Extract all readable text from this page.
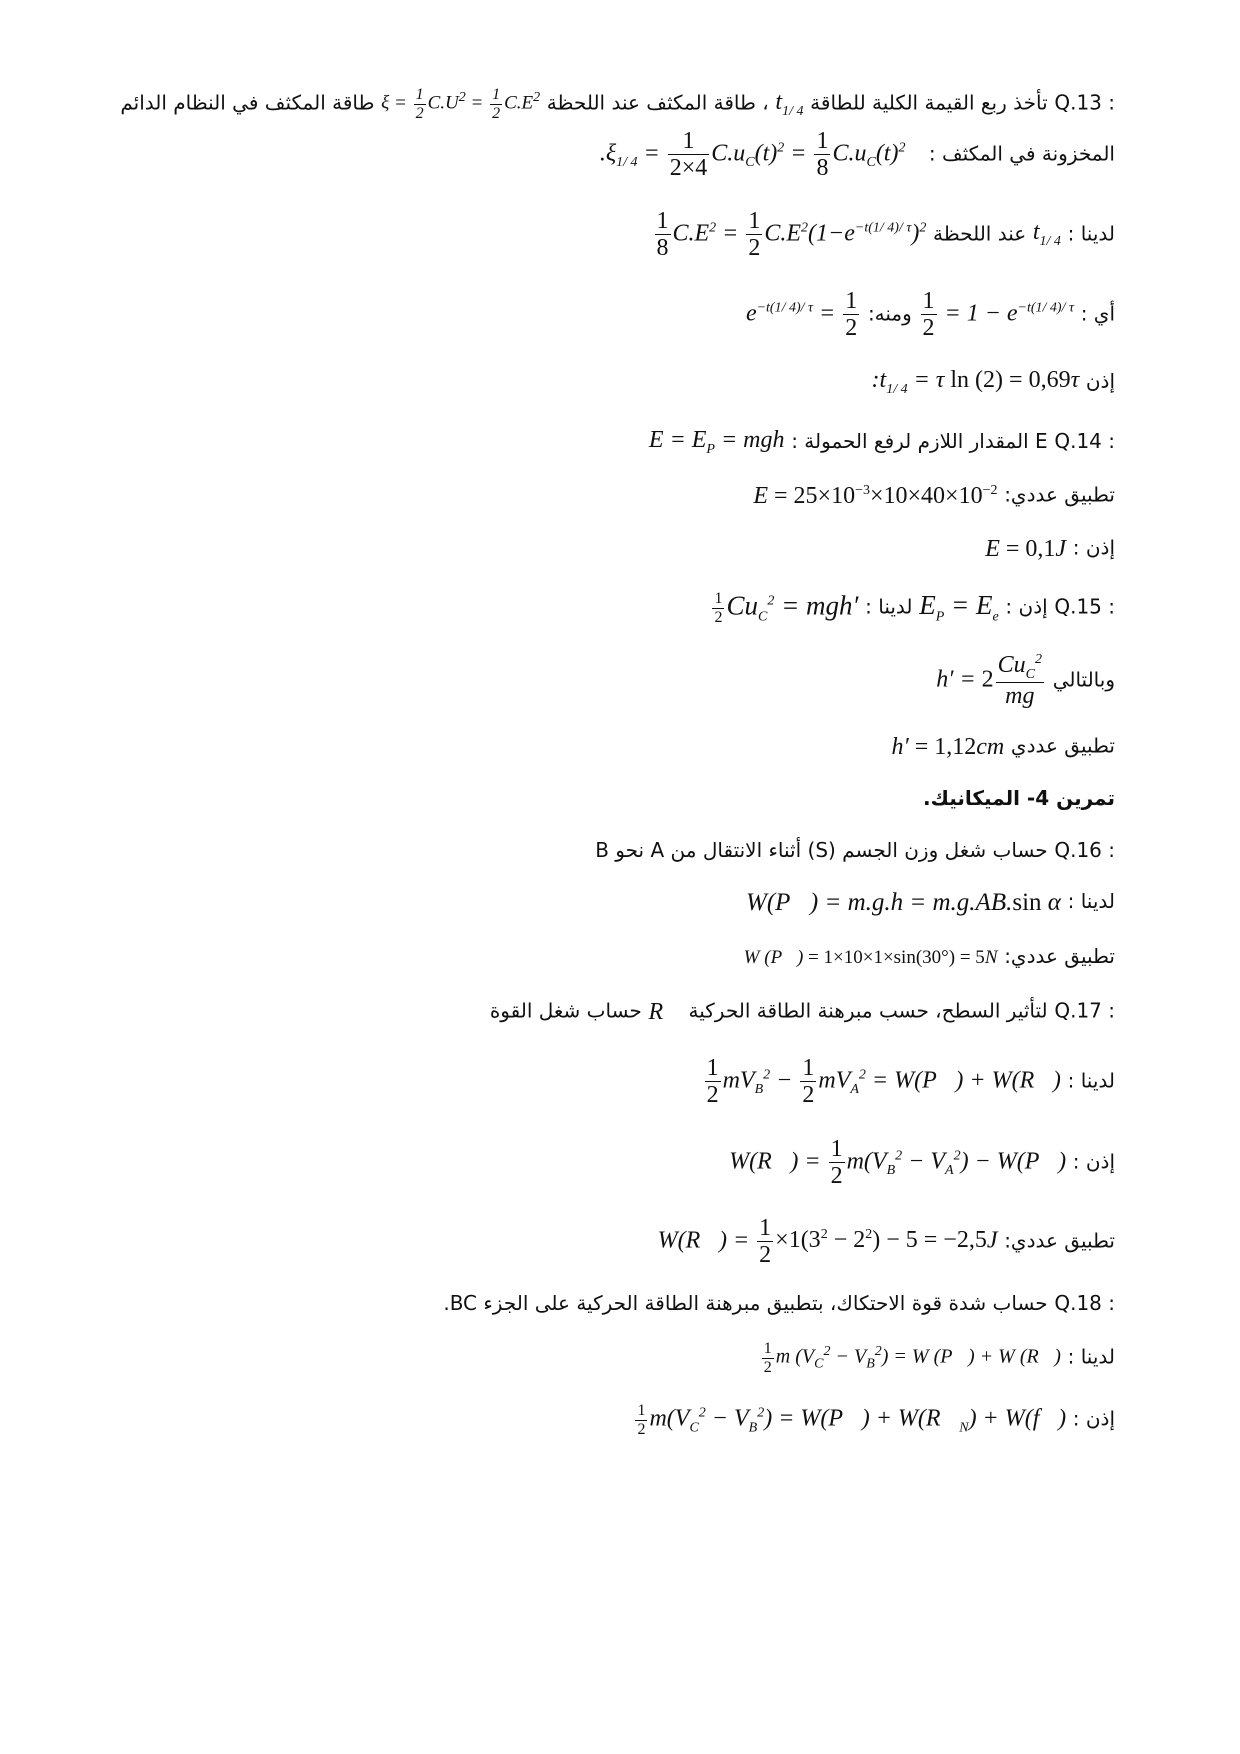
تأخذ ربع القيمة الكلية للطاقة $t_{1/ 4}$ ، طاقة المكثف عند اللحظة $\xi = \frac{1}{2} C.U^2 = \frac{1}{2} C.E^2$ طاقة المكثف في النظام الدائم	Q.13 :
$.\xi_{1/ 4} = \frac{1}{2\times 4} C.u_C(t)^2 = \frac{1}{8} C.u_C(t)^2$ المخزونة في المكثف :
$\frac{1}{8} C.E^2 = \frac{1}{2} C.E^2(1-e^{-t(1/ 4)/ \tau})^2$	لدينا : $t_{1/ 4}$ عند اللحظة
$e^{-t(1/ 4)/ \tau} = \frac{1}{2}$	أي :
$\frac{1}{2} = 1 - e^{-t(1/ 4)/ \tau}$ ومنه:
$:t_{1/ 4} = \tau$ ln (2) = 0,69τ إذن
$E = E_P$ = mgh E المقدار اللازم لرفع الحمولة : Q.14 :
$E = 25\times 10^{-3}\times 10\times 40\times 10^{-2}$ تطبيق عددي:
E = 0,1J إذن :
$\frac{1}{2} Cu_C^2 = mgh'$	إذن : $E_P = E_e$ لدينا :	Q.15 :
$h' = 2 \frac{Cu_C^2}{mg}$ وبالتالي
h′ = 1,12cm تطبيق عددي
تمرين 4- الميكانيك.
حساب شغل وزن الجسم (S) أثناء الانتقال من A نحو B Q.16 :
W(P⃗) = m.g.h = m.g.AB.sin α لدينا :
W (P⃗) = 1×10×1×sin(30°) = 5N تطبيق عددي:
لتأثير السطح، حسب مبرهنة الطاقة الحركية R⃗ حساب شغل القوة	Q.17 :
$\frac{1}{2} mV_B^2 - \frac{1}{2} mV_A^2$ = W(P⃗) + W(R⃗) لدينا :
W(R⃗) = $\frac{1}{2} m(V_B^2 - V_A^2)$ − W(P⃗) إذن :
W(R⃗) = $\frac{1}{2} \times 1(3^2 - 2^2) - 5 = -2,5J$ تطبيق عددي:
حساب شدة قوة الاحتكاك، بتطبيق مبرهنة الطاقة الحركية على الجزء BC. Q.18 :
$\frac{1}{2}$ m $(V_C^2 - V_B^2) = W$ (P⃗) + W (R⃗) لدينا :
$\frac{1}{2} m(V_C^2 - V_B^2)$ = W(P⃗) + $W(R⃗_N)$ + W(f⃗) إذن :
